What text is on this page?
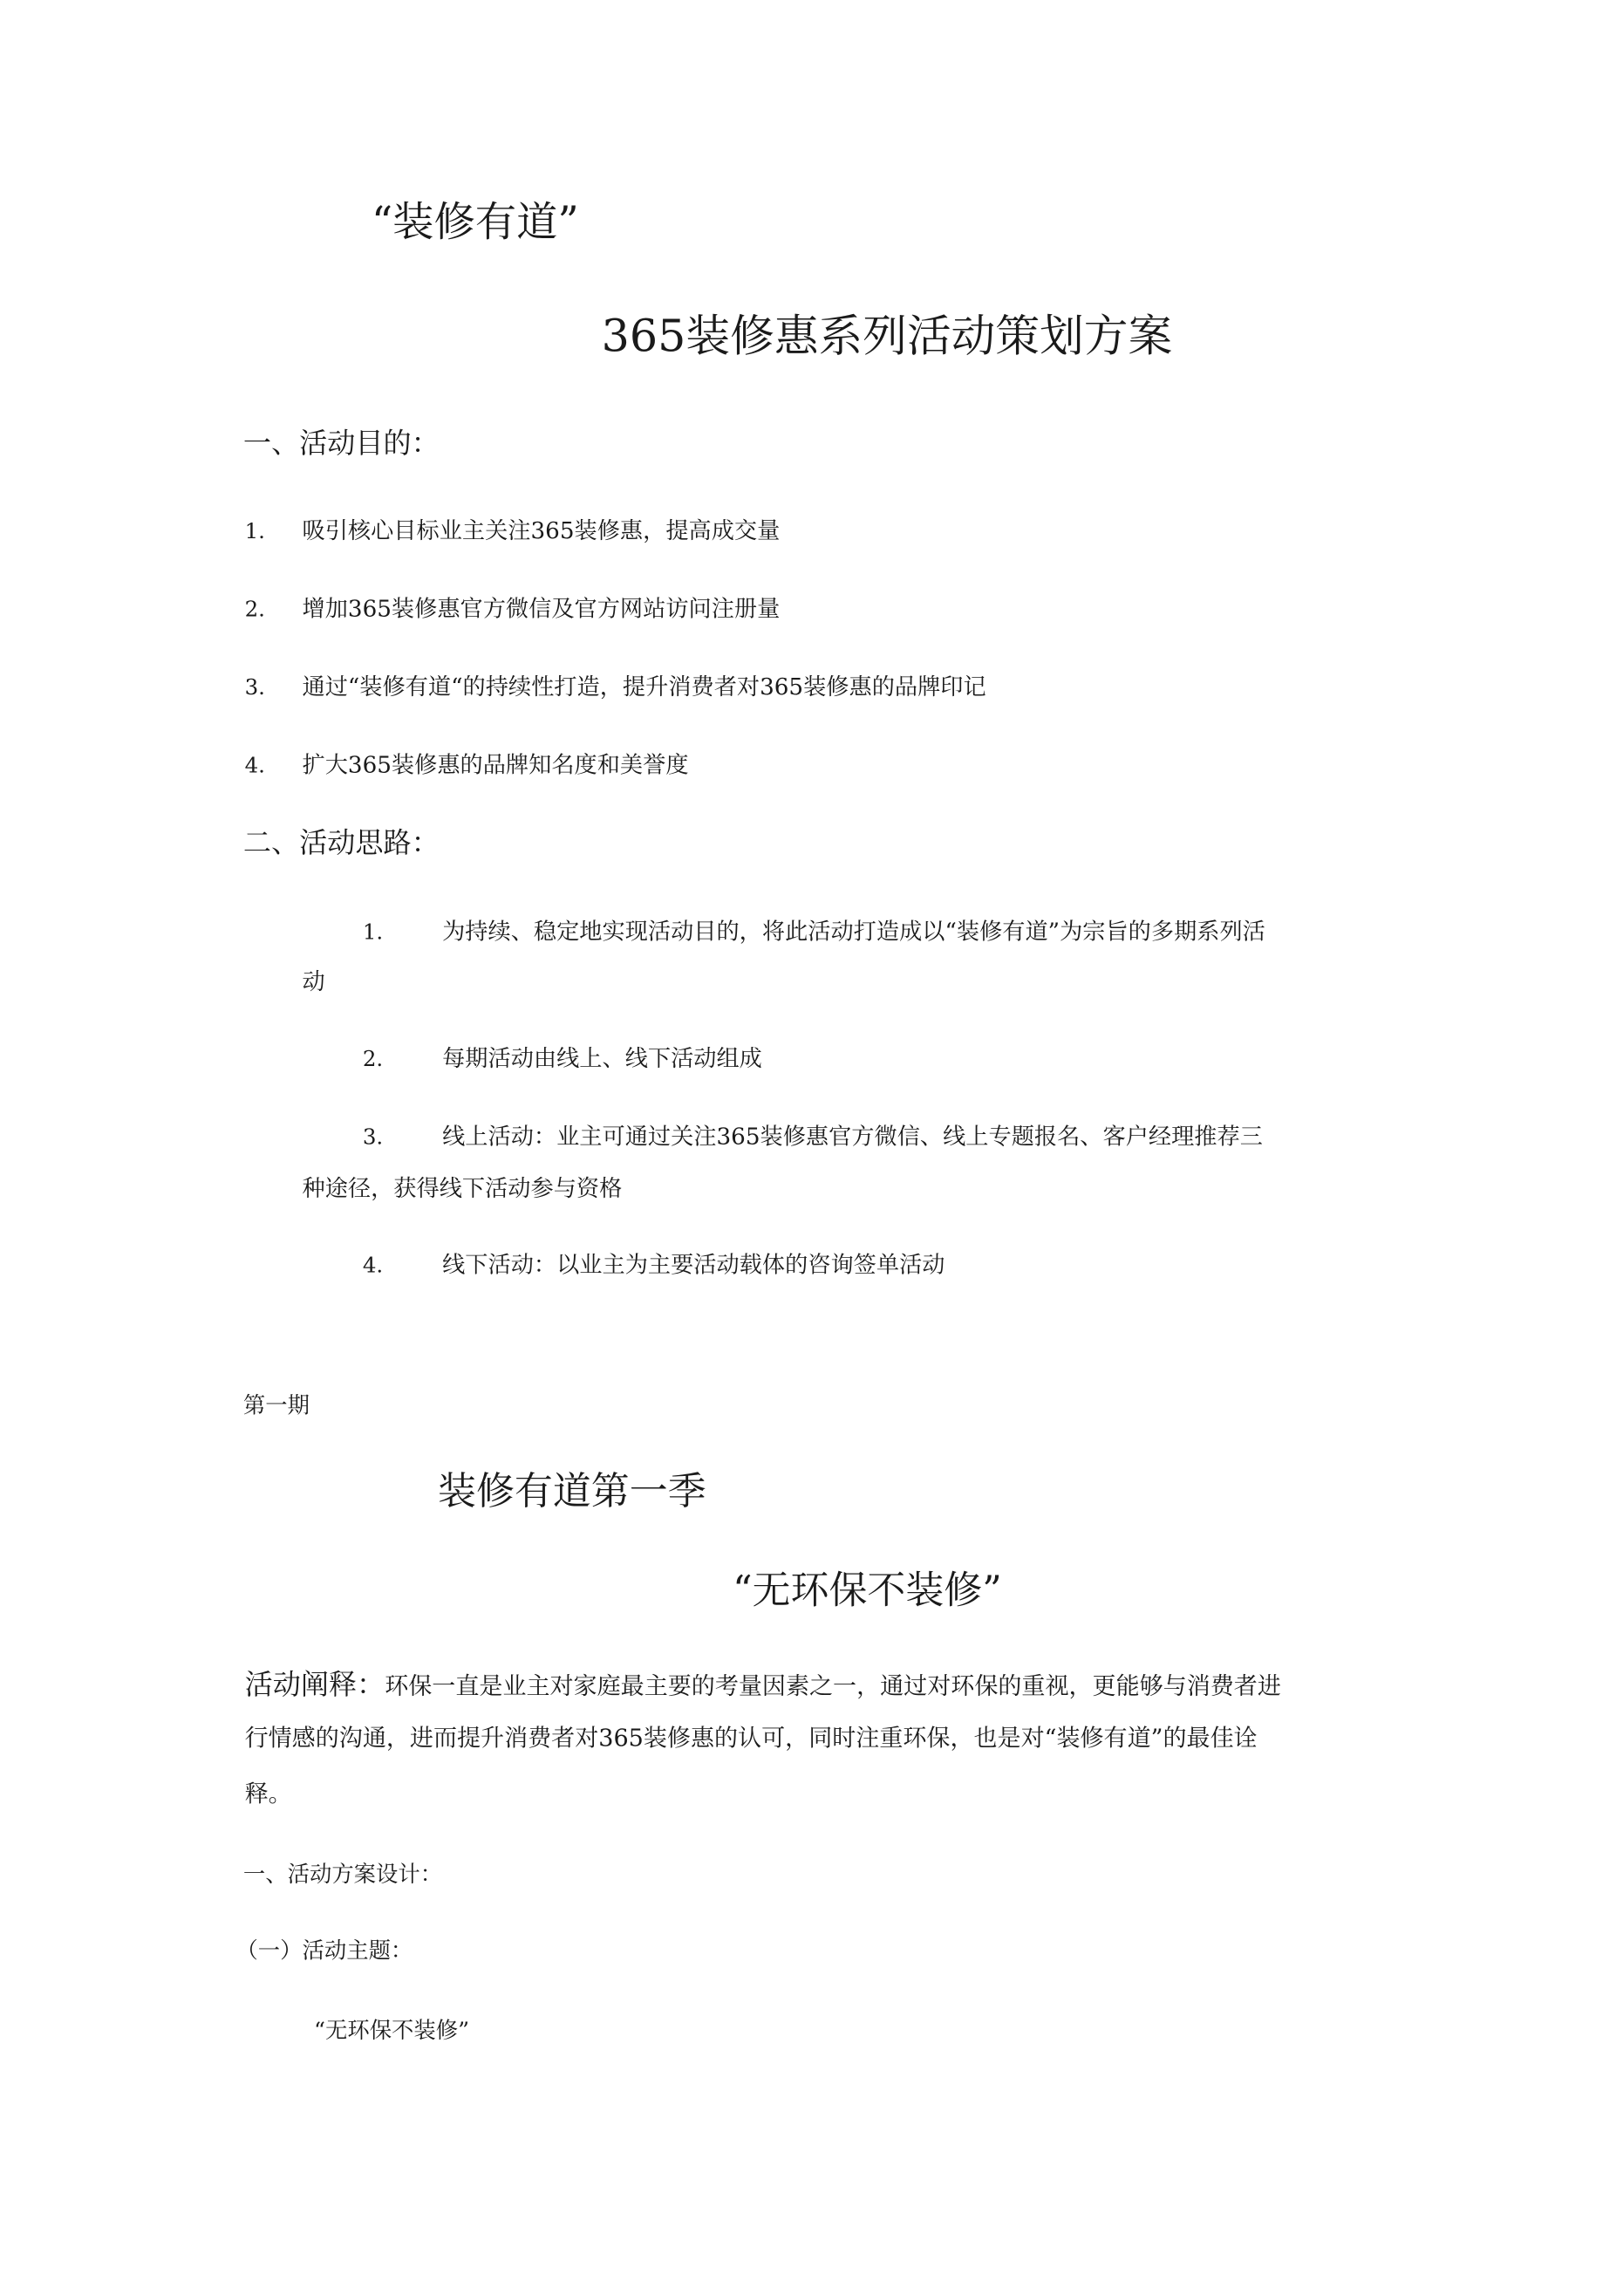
“装修有道”
365装修惠系列活动策划方案
一、活动目的：
1.	吸引核心目标业主关注365装修惠，提高成交量
2.	增加365装修惠官方微信及官方网站访问注册量
3.	通过“装修有道“的持续性打造，提升消费者对365装修惠的品牌印记
4.	扩大365装修惠的品牌知名度和美誉度
二、活动思路：
1.	为持续、稳定地实现活动目的，将此活动打造成以“装修有道”为宗旨的多期系列活
动
2.	每期活动由线上、线下活动组成
3.	线上活动：业主可通过关注365装修惠官方微信、线上专题报名、客户经理推荐三
种途径，获得线下活动参与资格
4.	线下活动：以业主为主要活动载体的咨询签单活动
第一期
装修有道第一季
“无环保不装修”
活动阐释：环保一直是业主对家庭最主要的考量因素之一，通过对环保的重视，更能够与消费者进
行情感的沟通，进而提升消费者对365装修惠的认可，同时注重环保，也是对“装修有道”的最佳诠
释。
一、活动方案设计：
（一）活动主题：
“无环保不装修”
